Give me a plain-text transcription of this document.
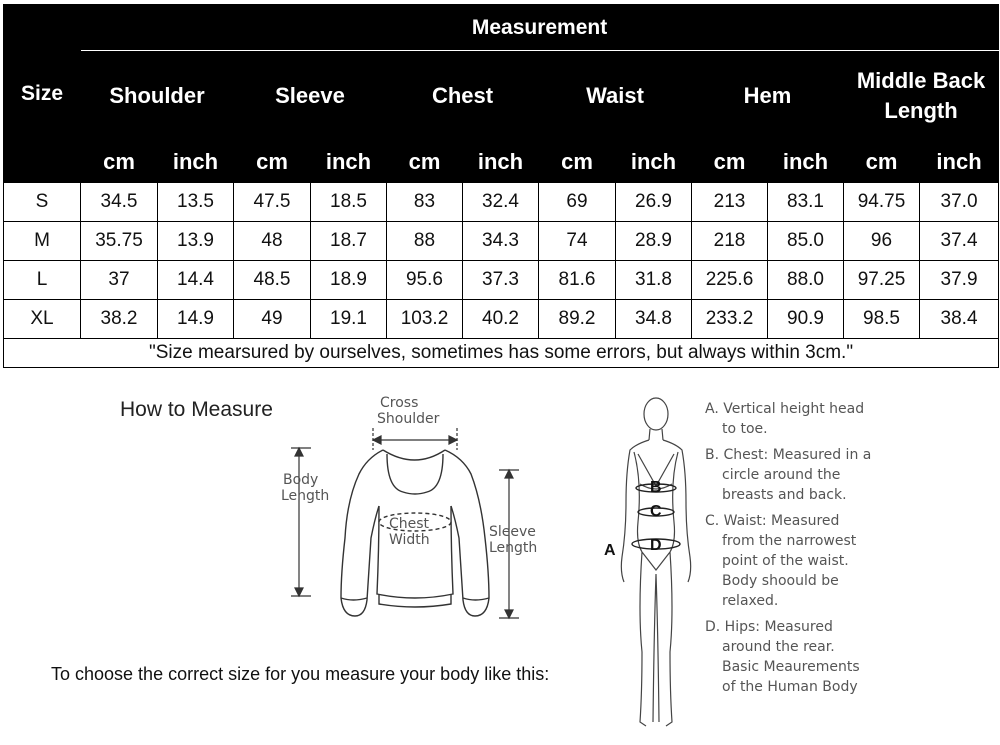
Size	Measurement											
	Shoulder		Sleeve		Chest		Waist		Hem		Middle Back
Length	
	cm	inch	cm	inch	cm	inch	cm	inch	cm	inch	cm	inch
S	34.5	13.5	47.5	18.5	83	32.4	69	26.9	213	83.1	94.75	37.0
M	35.75	13.9	48	18.7	88	34.3	74	28.9	218	85.0	96	37.4
L	37	14.4	48.5	18.9	95.6	37.3	81.6	31.8	225.6	88.0	97.25	37.9
XL	38.2	14.9	49	19.1	103.2	40.2	89.2	34.8	233.2	90.9	98.5	38.4
"Size mearsured by ourselves, sometimes has some errors, but always within 3cm."												
How to Measure	Cross
Shoulder
Body
Length
Chest
Width	Sleeve
Length
To choose the correct size for you measure your body like this:
B
C
D
A
A. Vertical height head
to toe.
B. Chest: Measured in a
circle around the
breasts and back.
C. Waist: Measured
from the narrowest
point of the waist.
Body shoould be
relaxed.
D. Hips: Measured
around the rear.
Basic Meaurements
of the Human Body
